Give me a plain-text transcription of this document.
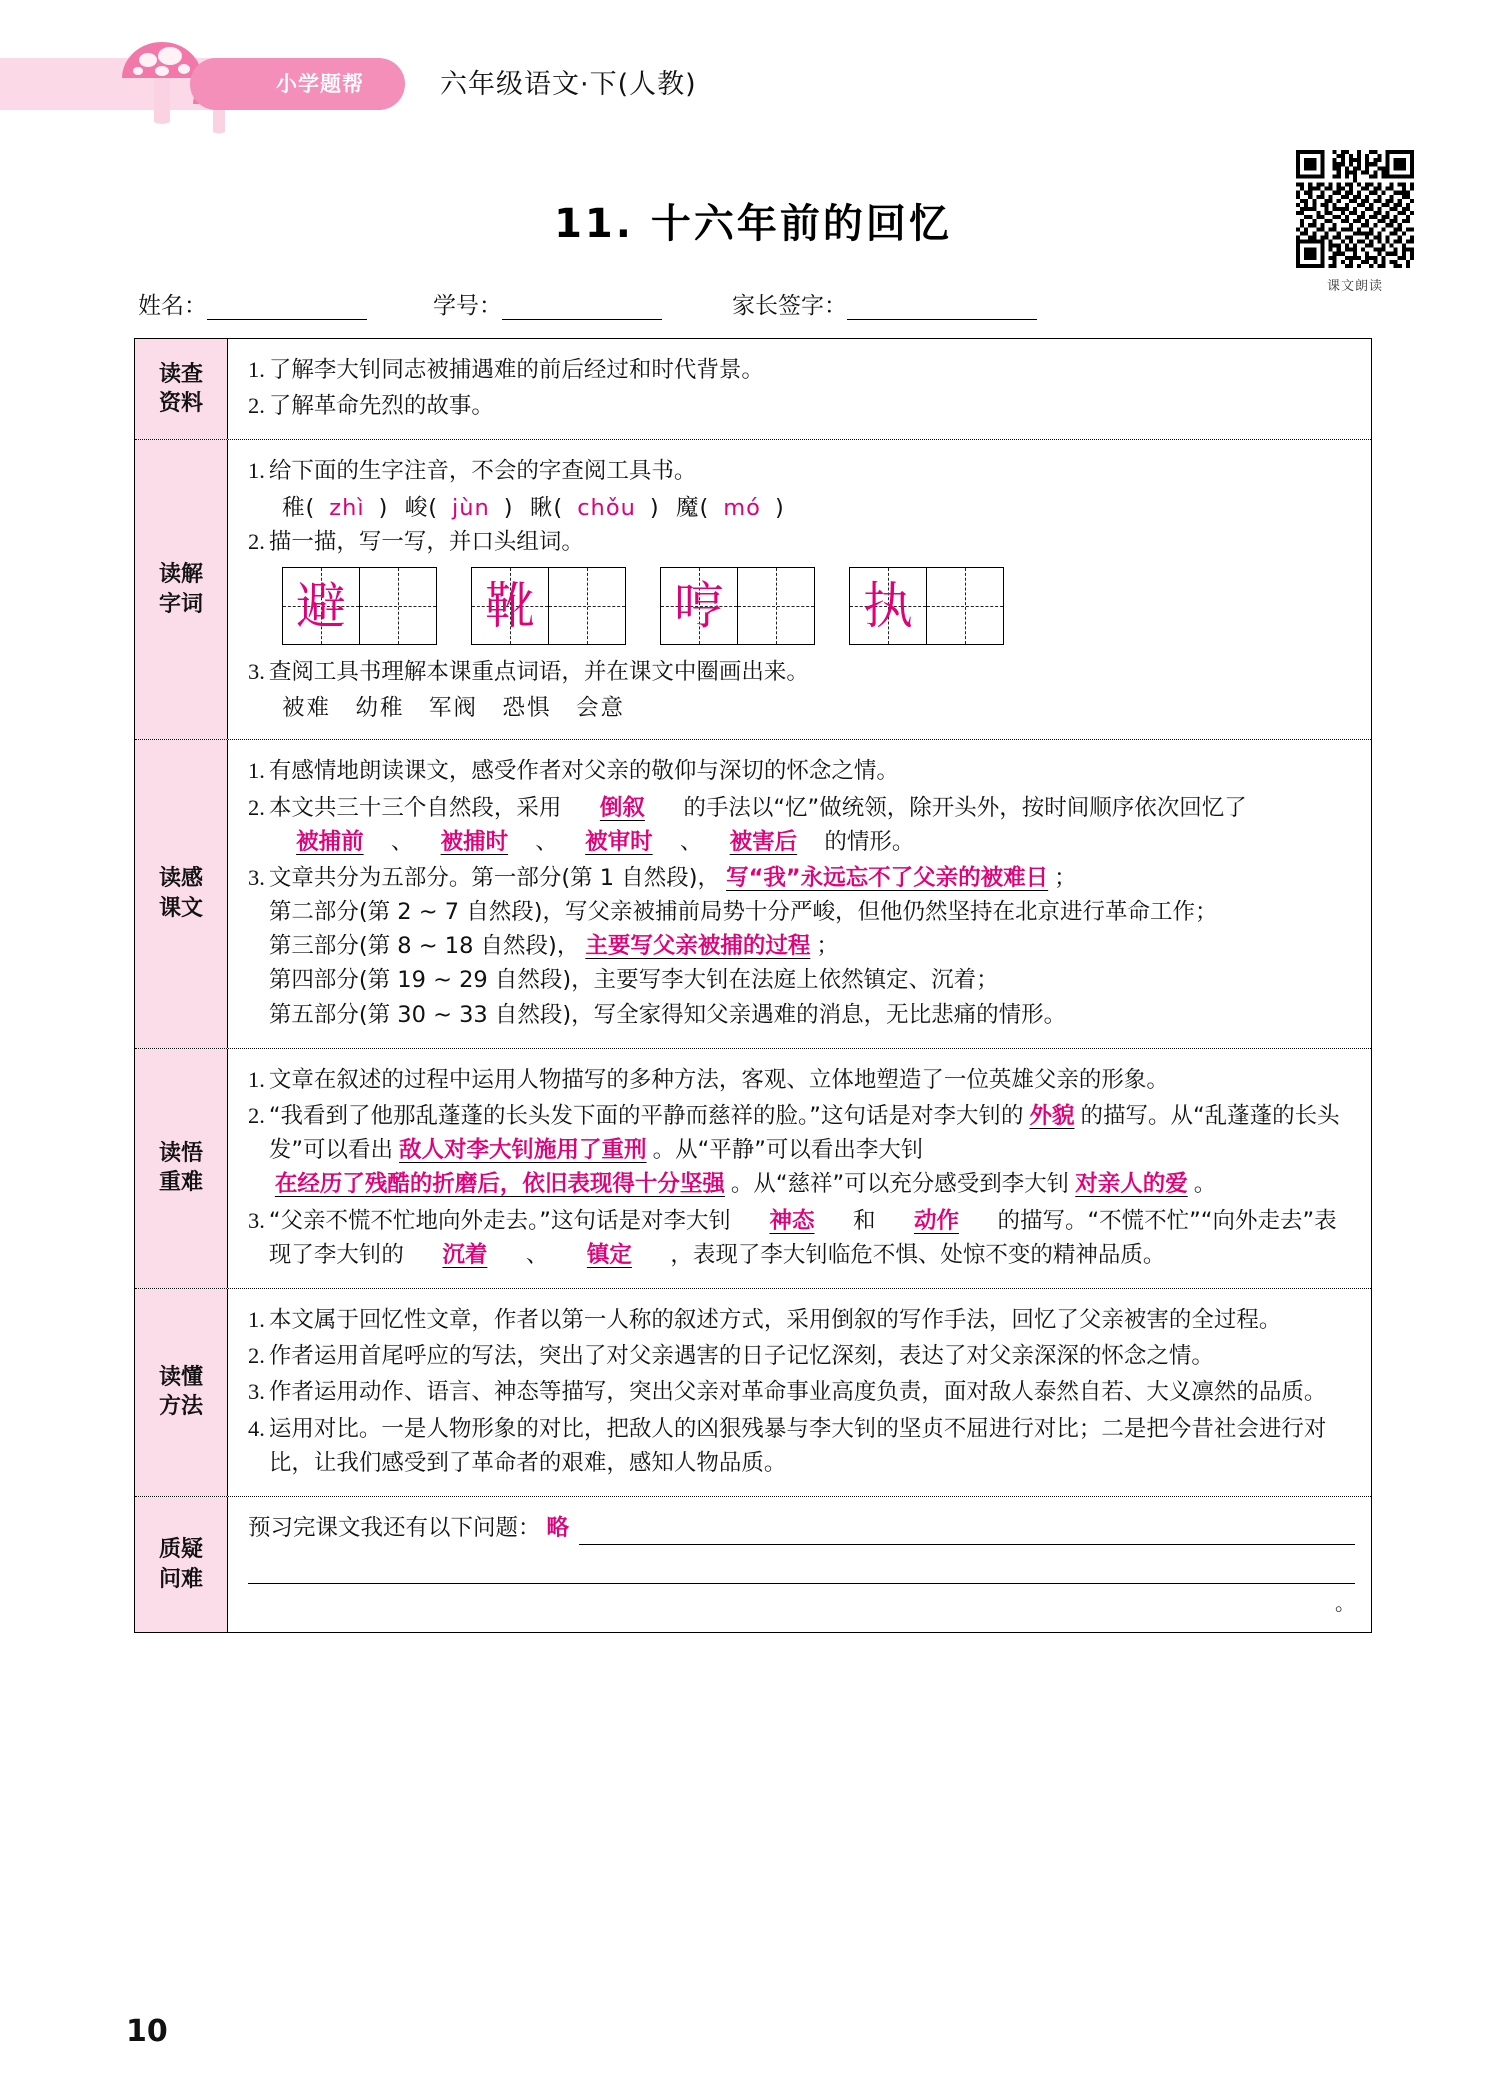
小学题帮	六年级语文·下(人教)
课文朗读
11. 十六年前的回忆
姓名：	学号：	家长签字：
读查
资料
1. 了解李大钊同志被捕遇难的前后经过和时代背景。
2. 了解革命先烈的故事。
读解
字词
1. 给下面的生字注音，不会的字查阅工具书。
稚( zhì )  峻( jùn )  瞅( chǒu )  魔( mó )
2. 描一描，写一写，并口头组词。
避	靴	哼	执
3. 查阅工具书理解本课重点词语，并在课文中圈画出来。
被难　幼稚　军阀　恐惧　会意
读感
课文
1. 有感情地朗读课文，感受作者对父亲的敬仰与深切的怀念之情。
2. 本文共三十三个自然段，采用 倒叙 的手法以“忆”做统领，除开头外，按时间顺序依次回忆了被捕前 、 被捕时 、 被审时 、 被害后 的情形。
3. 文章共分为五部分。第一部分(第 1 自然段)， 写“我”永远忘不了父亲的被难日 ；
第二部分(第 2 ~ 7 自然段)，写父亲被捕前局势十分严峻，但他仍然坚持在北京进行革命工作；
第三部分(第 8 ~ 18 自然段)， 主要写父亲被捕的过程 ；
第四部分(第 19 ~ 29 自然段)，主要写李大钊在法庭上依然镇定、沉着；
第五部分(第 30 ~ 33 自然段)，写全家得知父亲遇难的消息，无比悲痛的情形。
读悟
重难
1. 文章在叙述的过程中运用人物描写的多种方法，客观、立体地塑造了一位英雄父亲的形象。
2. “我看到了他那乱蓬蓬的长头发下面的平静而慈祥的脸。”这句话是对李大钊的 外貌 的描写。从“乱蓬蓬的长头发”可以看出 敌人对李大钊施用了重刑 。从“平静”可以看出李大钊在经历了残酷的折磨后，依旧表现得十分坚强 。从“慈祥”可以充分感受到李大钊 对亲人的爱 。
3. “父亲不慌不忙地向外走去。”这句话是对李大钊 神态 和 动作 的描写。“不慌不忙”“向外走去”表现了李大钊的 沉着 、 镇定 ，表现了李大钊临危不惧、处惊不变的精神品质。
读懂
方法
1. 本文属于回忆性文章，作者以第一人称的叙述方式，采用倒叙的写作手法，回忆了父亲被害的全过程。
2. 作者运用首尾呼应的写法，突出了对父亲遇害的日子记忆深刻，表达了对父亲深深的怀念之情。
3. 作者运用动作、语言、神态等描写，突出父亲对革命事业高度负责，面对敌人泰然自若、大义凛然的品质。
4. 运用对比。一是人物形象的对比，把敌人的凶狠残暴与李大钊的坚贞不屈进行对比；二是把今昔社会进行对比，让我们感受到了革命者的艰难，感知人物品质。
质疑
问难
预习完课文我还有以下问题： 略
。
10
